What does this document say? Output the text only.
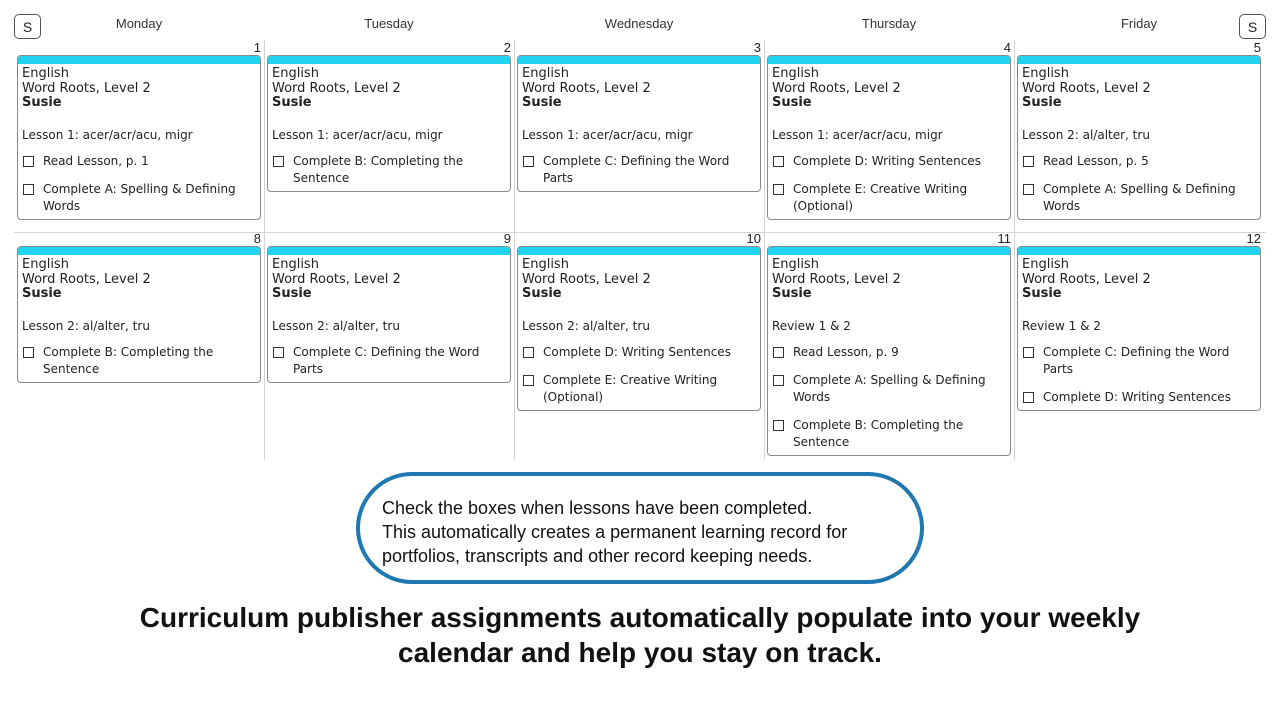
S	S
Monday	Tuesday	Wednesday	Thursday	Friday
1
English
Word Roots, Level 2
Susie
Lesson 1: acer/acr/acu, migr
Read Lesson, p. 1
Complete A: Spelling & Defining Words
2
English
Word Roots, Level 2
Susie
Lesson 1: acer/acr/acu, migr
Complete B: Completing the Sentence
3
English
Word Roots, Level 2
Susie
Lesson 1: acer/acr/acu, migr
Complete C: Defining the Word Parts
4
English
Word Roots, Level 2
Susie
Lesson 1: acer/acr/acu, migr
Complete D: Writing Sentences
Complete E: Creative Writing (Optional)
5
English
Word Roots, Level 2
Susie
Lesson 2: al/alter, tru
Read Lesson, p. 5
Complete A: Spelling & Defining Words
8
English
Word Roots, Level 2
Susie
Lesson 2: al/alter, tru
Complete B: Completing the Sentence
9
English
Word Roots, Level 2
Susie
Lesson 2: al/alter, tru
Complete C: Defining the Word Parts
10
English
Word Roots, Level 2
Susie
Lesson 2: al/alter, tru
Complete D: Writing Sentences
Complete E: Creative Writing (Optional)
11
English
Word Roots, Level 2
Susie
Review 1 & 2
Read Lesson, p. 9
Complete A: Spelling & Defining Words
Complete B: Completing the Sentence
12
English
Word Roots, Level 2
Susie
Review 1 & 2
Complete C: Defining the Word Parts
Complete D: Writing Sentences
Check the boxes when lessons have been completed.
This automatically creates a permanent learning record for
portfolios, transcripts and other record keeping needs.
Curriculum publisher assignments automatically populate into your weekly
calendar and help you stay on track.
